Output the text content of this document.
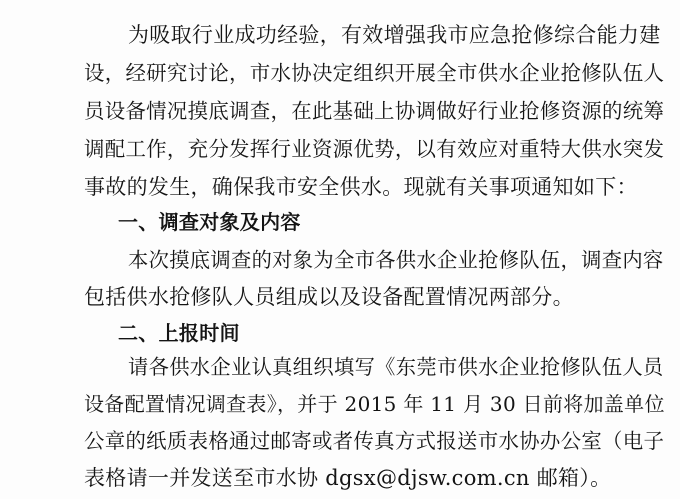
为吸取行业成功经验，有效增强我市应急抢修综合能力建
设，经研究讨论，市水协决定组织开展全市供水企业抢修队伍人
员设备情况摸底调查，在此基础上协调做好行业抢修资源的统筹
调配工作，充分发挥行业资源优势，以有效应对重特大供水突发
事故的发生，确保我市安全供水。现就有关事项通知如下：
一、调查对象及内容
本次摸底调查的对象为全市各供水企业抢修队伍，调查内容
包括供水抢修队人员组成以及设备配置情况两部分。
二、上报时间
请各供水企业认真组织填写《东莞市供水企业抢修队伍人员
设备配置情况调查表》，并于 2015 年 11 月 30 日前将加盖单位
公章的纸质表格通过邮寄或者传真方式报送市水协办公室（电子
表格请一并发送至市水协 dgsx@djsw.com.cn 邮箱）。
